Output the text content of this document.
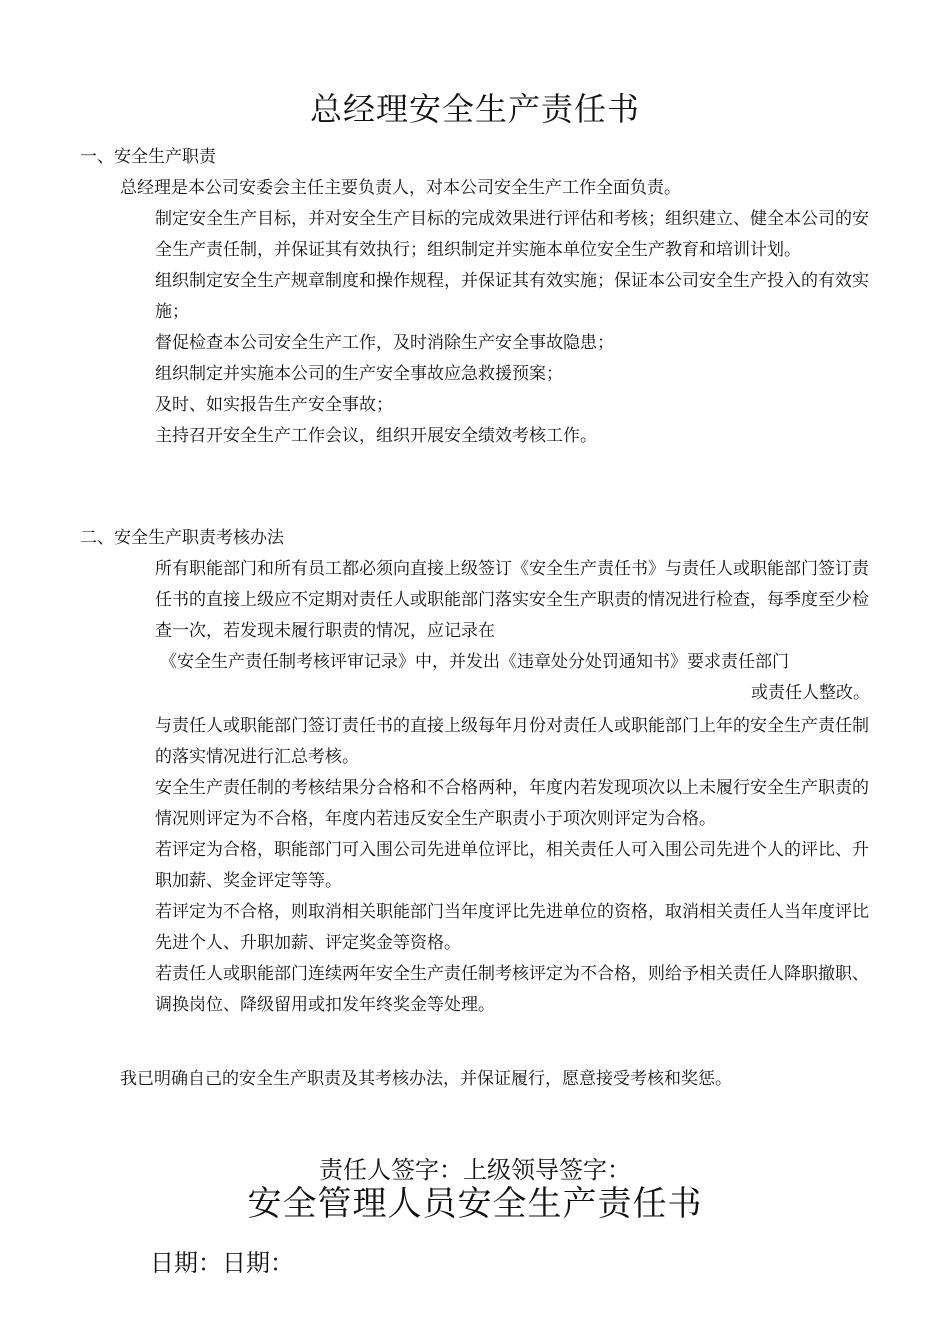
总经理安全生产责任书
一、安全生产职责
总经理是本公司安委会主任主要负责人，对本公司安全生产工作全面负责。

制定安全生产目标，并对安全生产目标的完成效果进行评估和考核；组织建立、健全本公司的安全生产责任制，并保证其有效执行；组织制定并实施本单位安全生产教育和培训计划。

组织制定安全生产规章制度和操作规程，并保证其有效实施；保证本公司安全生产投入的有效实施；

督促检查本公司安全生产工作，及时消除生产安全事故隐患；

组织制定并实施本公司的生产安全事故应急救援预案；

及时、如实报告生产安全事故；

主持召开安全生产工作会议，组织开展安全绩效考核工作。

二、安全生产职责考核办法

所有职能部门和所有员工都必须向直接上级签订《安全生产责任书》与责任人或职能部门签订责任书的直接上级应不定期对责任人或职能部门落实安全生产职责的情况进行检查，每季度至少检查一次，若发现未履行职责的情况，应记录在

《安全生产责任制考核评审记录》中，并发出《违章处分处罚通知书》要求责任部门
或责任人整改。

与责任人或职能部门签订责任书的直接上级每年月份对责任人或职能部门上年的安全生产责任制的落实情况进行汇总考核。

安全生产责任制的考核结果分合格和不合格两种，年度内若发现项次以上未履行安全生产职责的情况则评定为不合格，年度内若违反安全生产职责小于项次则评定为合格。

若评定为合格，职能部门可入围公司先进单位评比，相关责任人可入围公司先进个人的评比、升职加薪、奖金评定等等。

若评定为不合格，则取消相关职能部门当年度评比先进单位的资格，取消相关责任人当年度评比先进个人、升职加薪、评定奖金等资格。

若责任人或职能部门连续两年安全生产责任制考核评定为不合格，则给予相关责任人降职撤职、调换岗位、降级留用或扣发年终奖金等处理。

我已明确自己的安全生产职责及其考核办法，并保证履行，愿意接受考核和奖惩。
责任人签字：上级领导签字：
安全管理人员安全生产责任书
日期：日期：
